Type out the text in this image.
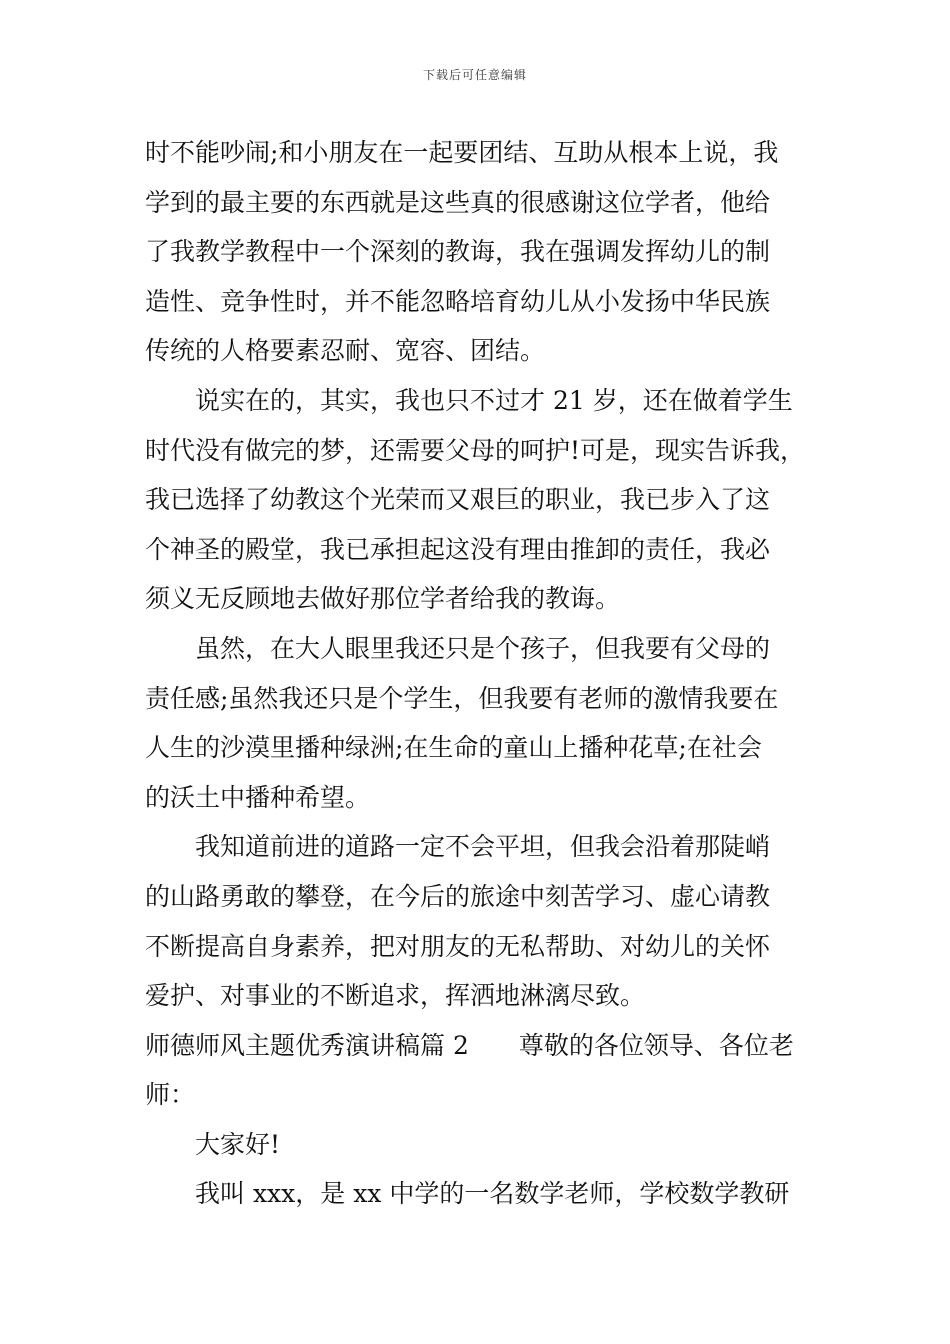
下载后可任意编辑
时不能吵闹;和小朋友在一起要团结、互助从根本上说，我
学到的最主要的东西就是这些真的很感谢这位学者，他给
了我教学教程中一个深刻的教诲，我在强调发挥幼儿的制
造性、竞争性时，并不能忽略培育幼儿从小发扬中华民族
传统的人格要素忍耐、宽容、团结。
说实在的，其实，我也只不过才 21 岁，还在做着学生
时代没有做完的梦，还需要父母的呵护!可是，现实告诉我，
我已选择了幼教这个光荣而又艰巨的职业，我已步入了这
个神圣的殿堂，我已承担起这没有理由推卸的责任，我必
须义无反顾地去做好那位学者给我的教诲。
虽然，在大人眼里我还只是个孩子，但我要有父母的
责任感;虽然我还只是个学生，但我要有老师的激情我要在
人生的沙漠里播种绿洲;在生命的童山上播种花草;在社会
的沃土中播种希望。
我知道前进的道路一定不会平坦，但我会沿着那陡峭
的山路勇敢的攀登，在今后的旅途中刻苦学习、虚心请教
不断提高自身素养，把对朋友的无私帮助、对幼儿的关怀
爱护、对事业的不断追求，挥洒地淋漓尽致。
师德师风主题优秀演讲稿篇 2　　尊敬的各位领导、各位老
师：
大家好!
我叫 xxx，是 xx 中学的一名数学老师，学校数学教研
